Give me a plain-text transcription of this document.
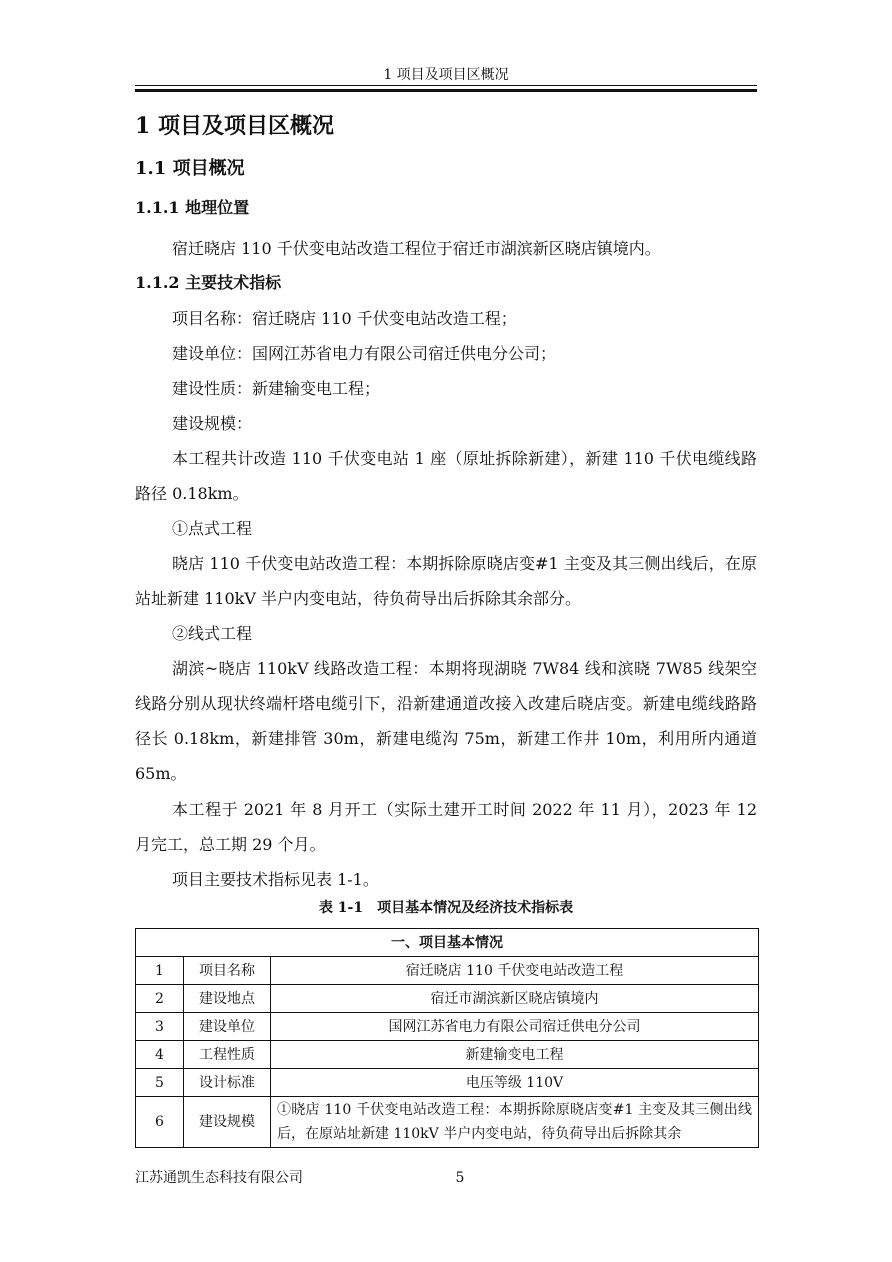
1 项目及项目区概况
1 项目及项目区概况
1.1 项目概况
1.1.1 地理位置
宿迁晓店 110 千伏变电站改造工程位于宿迁市湖滨新区晓店镇境内。
1.1.2 主要技术指标
项目名称：宿迁晓店 110 千伏变电站改造工程；
建设单位：国网江苏省电力有限公司宿迁供电分公司；
建设性质：新建输变电工程；
建设规模：
本工程共计改造 110 千伏变电站 1 座（原址拆除新建），新建 110 千伏电缆线路路径 0.18km。
①点式工程
晓店 110 千伏变电站改造工程：本期拆除原晓店变#1 主变及其三侧出线后，在原站址新建 110kV 半户内变电站，待负荷导出后拆除其余部分。
②线式工程
湖滨~晓店 110kV 线路改造工程：本期将现湖晓 7W84 线和滨晓 7W85 线架空线路分别从现状终端杆塔电缆引下，沿新建通道改接入改建后晓店变。新建电缆线路路径长 0.18km，新建排管 30m，新建电缆沟 75m，新建工作井 10m，利用所内通道 65m。
本工程于 2021 年 8 月开工（实际土建开工时间 2022 年 11 月），2023 年 12 月完工，总工期 29 个月。
项目主要技术指标见表 1-1。
表 1-1　项目基本情况及经济技术指标表
一、项目基本情况		
1	项目名称	宿迁晓店 110 千伏变电站改造工程
2	建设地点	宿迁市湖滨新区晓店镇境内
3	建设单位	国网江苏省电力有限公司宿迁供电分公司
4	工程性质	新建输变电工程
5	设计标准	电压等级 110V
6	建设规模	①晓店 110 千伏变电站改造工程：本期拆除原晓店变#1 主变及其三侧出线后，在原站址新建 110kV 半户内变电站，待负荷导出后拆除其余
江苏通凯生态科技有限公司	5
